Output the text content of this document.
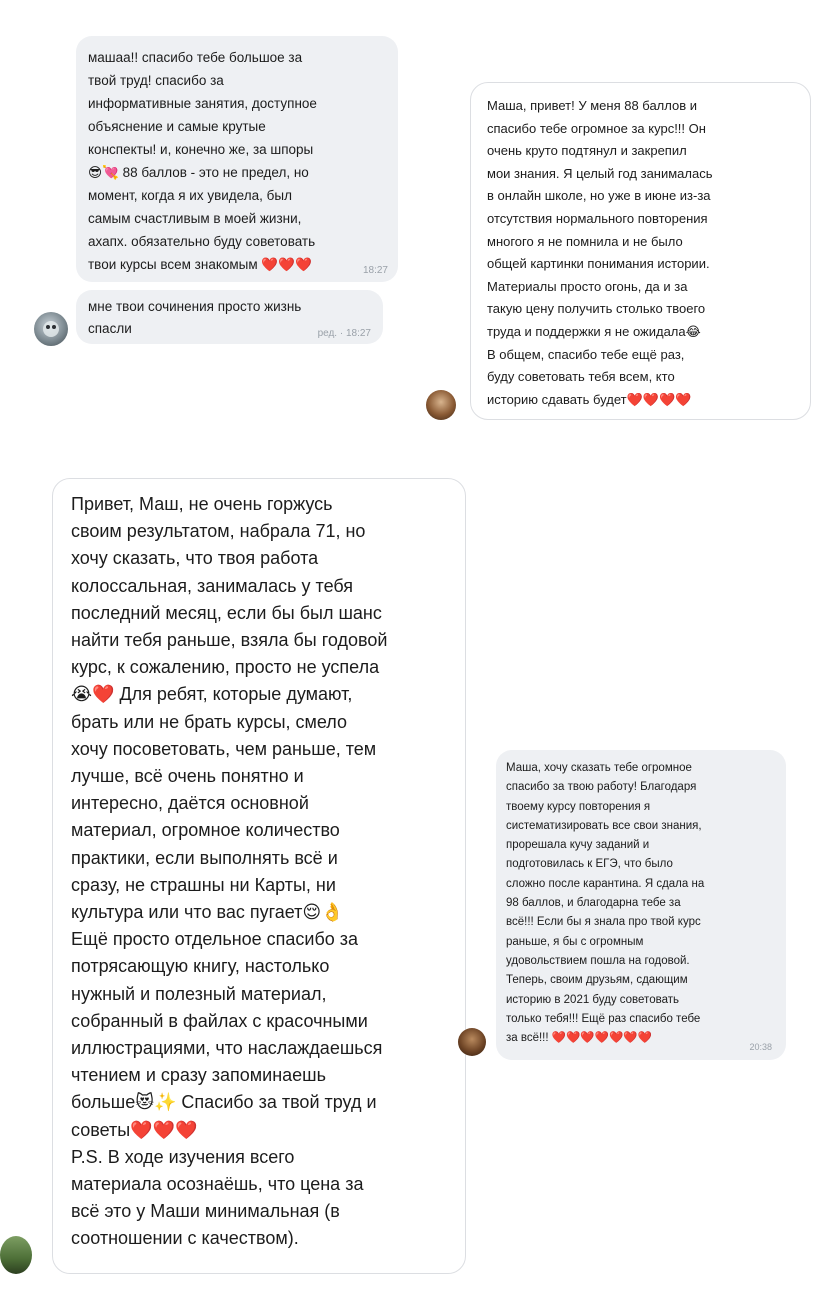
машаа!! спасибо тебе большое за
твой труд! спасибо за
информативные занятия, доступное
объяснение и самые крутые
конспекты! и, конечно же, за шпоры
😎💘 88 баллов - это не предел, но
момент, когда я их увидела, был
самым счастливым в моей жизни,
ахапх. обязательно буду советовать
твои курсы всем знакомым ❤️❤️❤️	18:27
мне твои сочинения просто жизнь
спасли	ред. · 18:27
Маша, привет! У меня 88 баллов и
спасибо тебе огромное за курс!!! Он
очень круто подтянул и закрепил
мои знания. Я целый год занималась
в онлайн школе, но уже в июне из-за
отсутствия нормального повторения
многого я не помнила и не было
общей картинки понимания истории.
Материалы просто огонь, да и за
такую цену получить столько твоего
труда и поддержки я не ожидала😂
В общем, спасибо тебе ещё раз,
буду советовать тебя всем, кто
историю сдавать будет❤️❤️❤️❤️
Привет, Маш, не очень горжусь
своим результатом, набрала 71, но
хочу сказать, что твоя работа
колоссальная, занималась у тебя
последний месяц, если бы был шанс
найти тебя раньше, взяла бы годовой
курс, к сожалению, просто не успела
😭❤️ Для ребят, которые думают,
брать или не брать курсы, смело
хочу посоветовать, чем раньше, тем
лучше, всё очень понятно и
интересно, даётся основной
материал, огромное количество
практики, если выполнять всё и
сразу, не страшны ни Карты, ни
культура или что вас пугает😌👌
Ещё просто отдельное спасибо за
потрясающую книгу, настолько
нужный и полезный материал,
собранный в файлах с красочными
иллюстрациями, что наслаждаешься
чтением и сразу запоминаешь
больше😻✨ Спасибо за твой труд и
советы❤️❤️❤️
P.S. В ходе изучения всего
материала осознаёшь, что цена за
всё это у Маши минимальная (в
соотношении с качеством).
Маша, хочу сказать тебе огромное
спасибо за твою работу! Благодаря
твоему курсу повторения я
систематизировать все свои знания,
прорешала кучу заданий и
подготовилась к ЕГЭ, что было
сложно после карантина. Я сдала на
98 баллов, и благодарна тебе за
всё!!! Если бы я знала про твой курс
раньше, я бы с огромным
удовольствием пошла на годовой.
Теперь, своим друзьям, сдающим
историю в 2021 буду советовать
только тебя!!! Ещё раз спасибо тебе
за всё!!! ❤️❤️❤️❤️❤️❤️❤️
20:38
